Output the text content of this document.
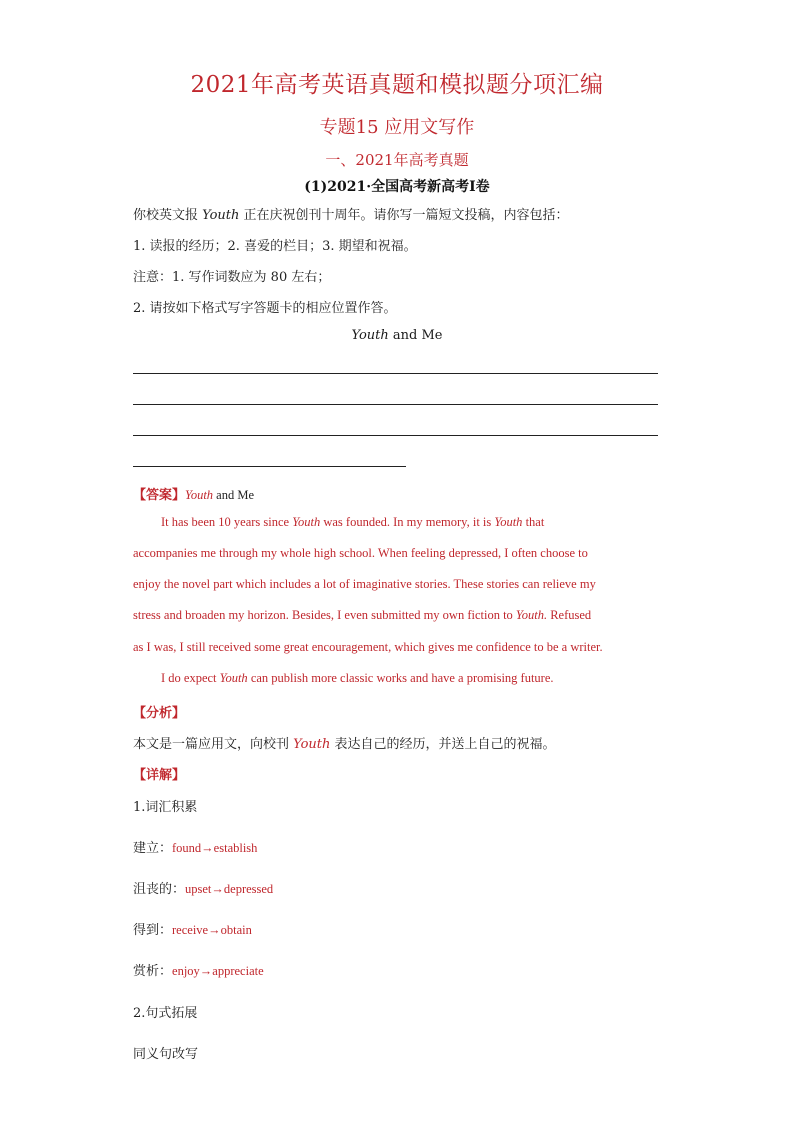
2021年高考英语真题和模拟题分项汇编
专题15 应用文写作
一、2021年高考真题
(1)2021·全国高考新高考Ⅰ卷
你校英文报 Youth 正在庆祝创刊十周年。请你写一篇短文投稿，内容包括：
1. 读报的经历；2. 喜爱的栏目；3. 期望和祝福。
注意：1. 写作词数应为 80 左右；
2. 请按如下格式写字答题卡的相应位置作答。
Youth and Me
【答案】Youth and Me
It has been 10 years since Youth was founded. In my memory, it is Youth that
accompanies me through my whole high school. When feeling depressed, I often choose to
enjoy the novel part which includes a lot of imaginative stories. These stories can relieve my
stress and broaden my horizon. Besides, I even submitted my own fiction to Youth. Refused
as I was, I still received some great encouragement, which gives me confidence to be a writer.
I do expect Youth can publish more classic works and have a promising future.
【分析】
本文是一篇应用文，向校刊 Youth 表达自己的经历，并送上自己的祝福。
【详解】
1.词汇积累
建立：found→establish
沮丧的：upset→depressed
得到：receive→obtain
赏析：enjoy→appreciate
2.句式拓展
同义句改写
